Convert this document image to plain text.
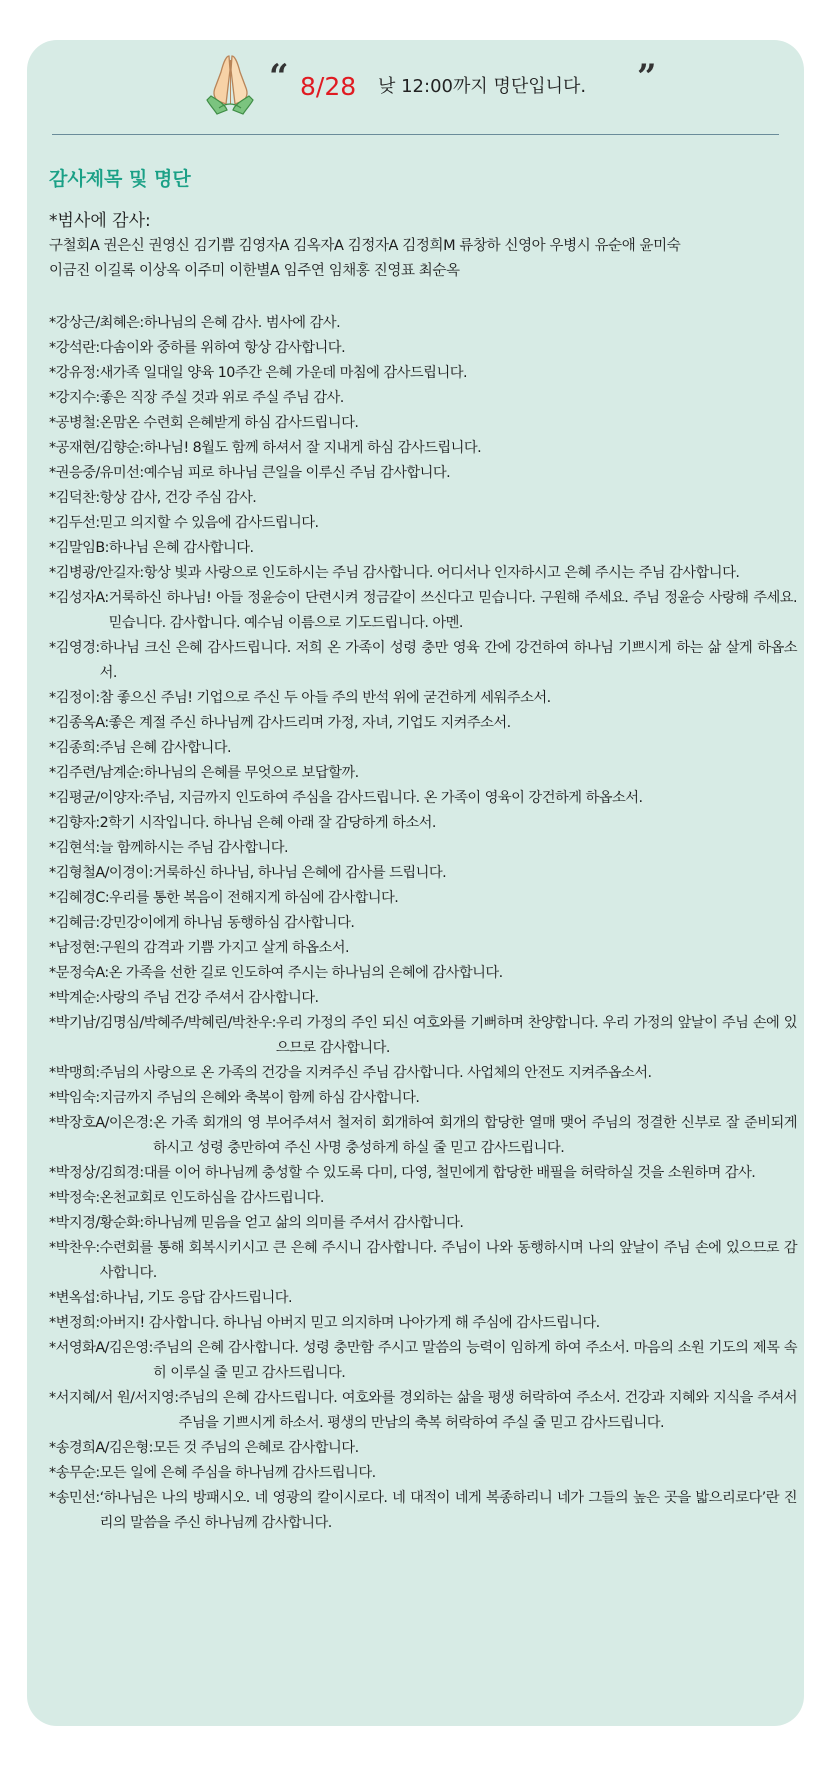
“ 8/28 낮 12:00까지 명단입니다. ”
감사제목 및 명단
*범사에 감사:
구철회A 권은신 권영신 김기쁨 김영자A 김옥자A 김정자A 김정희M 류창하 신영아 우병시 유순애 윤미숙
이금진 이길록 이상옥 이주미 이한별A 임주연 임채홍 진영표 최순옥
*강상근/최혜은: 하나님의 은혜 감사. 범사에 감사.
*강석란: 다솜이와 중하를 위하여 항상 감사합니다.
*강유정: 새가족 일대일 양육 10주간 은혜 가운데 마침에 감사드립니다.
*강지수: 좋은 직장 주실 것과 위로 주실 주님 감사.
*공병철: 온맘온 수련회 은혜받게 하심 감사드립니다.
*공재현/김향순: 하나님! 8월도 함께 하셔서 잘 지내게 하심 감사드립니다.
*권응중/유미선: 예수님 피로 하나님 큰일을 이루신 주님 감사합니다.
*김덕찬: 항상 감사, 건강 주심 감사.
*김두선: 믿고 의지할 수 있음에 감사드립니다.
*김말임B: 하나님 은혜 감사합니다.
*김병광/안길자: 항상 빛과 사랑으로 인도하시는 주님 감사합니다. 어디서나 인자하시고 은혜 주시는 주님 감사합니다.
*김성자A: 거룩하신 하나님! 아들 정윤승이 단련시켜 정금같이 쓰신다고 믿습니다. 구원해 주세요. 주님 정윤승 사랑해 주세요. 믿습니다. 감사합니다. 예수님 이름으로 기도드립니다. 아멘.
*김영경: 하나님 크신 은혜 감사드립니다. 저희 온 가족이 성령 충만 영육 간에 강건하여 하나님 기쁘시게 하는 삶 살게 하옵소서.
*김정이: 참 좋으신 주님! 기업으로 주신 두 아들 주의 반석 위에 굳건하게 세워주소서.
*김종옥A: 좋은 계절 주신 하나님께 감사드리며 가정, 자녀, 기업도 지켜주소서.
*김종희: 주님 은혜 감사합니다.
*김주련/남계순: 하나님의 은혜를 무엇으로 보답할까.
*김평균/이양자: 주님, 지금까지 인도하여 주심을 감사드립니다. 온 가족이 영육이 강건하게 하옵소서.
*김향자: 2학기 시작입니다. 하나님 은혜 아래 잘 감당하게 하소서.
*김현석: 늘 함께하시는 주님 감사합니다.
*김형철A/이경이: 거룩하신 하나님, 하나님 은혜에 감사를 드립니다.
*김혜경C: 우리를 통한 복음이 전해지게 하심에 감사합니다.
*김혜금: 강민강이에게 하나님 동행하심 감사합니다.
*남정현: 구원의 감격과 기쁨 가지고 살게 하옵소서.
*문정숙A: 온 가족을 선한 길로 인도하여 주시는 하나님의 은혜에 감사합니다.
*박계순: 사랑의 주님 건강 주셔서 감사합니다.
*박기남/김명심/박혜주/박혜린/박찬우: 우리 가정의 주인 되신 여호와를 기뻐하며 찬양합니다. 우리 가정의 앞날이 주님 손에 있으므로 감사합니다.
*박맹희: 주님의 사랑으로 온 가족의 건강을 지켜주신 주님 감사합니다. 사업체의 안전도 지켜주옵소서.
*박임숙: 지금까지 주님의 은혜와 축복이 함께 하심 감사합니다.
*박장호A/이은경: 온 가족 회개의 영 부어주셔서 철저히 회개하여 회개의 합당한 열매 맺어 주님의 정결한 신부로 잘 준비되게 하시고 성령 충만하여 주신 사명 충성하게 하실 줄 믿고 감사드립니다.
*박정상/김희경: 대를 이어 하나님께 충성할 수 있도록 다미, 다영, 철민에게 합당한 배필을 허락하실 것을 소원하며 감사.
*박정숙: 온천교회로 인도하심을 감사드립니다.
*박지경/황순화: 하나님께 믿음을 얻고 삶의 의미를 주셔서 감사합니다.
*박찬우: 수련회를 통해 회복시키시고 큰 은혜 주시니 감사합니다. 주님이 나와 동행하시며 나의 앞날이 주님 손에 있으므로 감사합니다.
*변옥섭: 하나님, 기도 응답 감사드립니다.
*변정희: 아버지! 감사합니다. 하나님 아버지 믿고 의지하며 나아가게 해 주심에 감사드립니다.
*서영화A/김은영: 주님의 은혜 감사합니다. 성령 충만함 주시고 말씀의 능력이 임하게 하여 주소서. 마음의 소원 기도의 제목 속히 이루실 줄 믿고 감사드립니다.
*서지혜/서 원/서지영: 주님의 은혜 감사드립니다. 여호와를 경외하는 삶을 평생 허락하여 주소서. 건강과 지혜와 지식을 주셔서 주님을 기쁘시게 하소서. 평생의 만남의 축복 허락하여 주실 줄 믿고 감사드립니다.
*송경희A/김은형: 모든 것 주님의 은혜로 감사합니다.
*송무순: 모든 일에 은혜 주심을 하나님께 감사드립니다.
*송민선: ‘하나님은 나의 방패시오. 네 영광의 칼이시로다. 네 대적이 네게 복종하리니 네가 그들의 높은 곳을 밟으리로다’란 진리의 말씀을 주신 하나님께 감사합니다.
